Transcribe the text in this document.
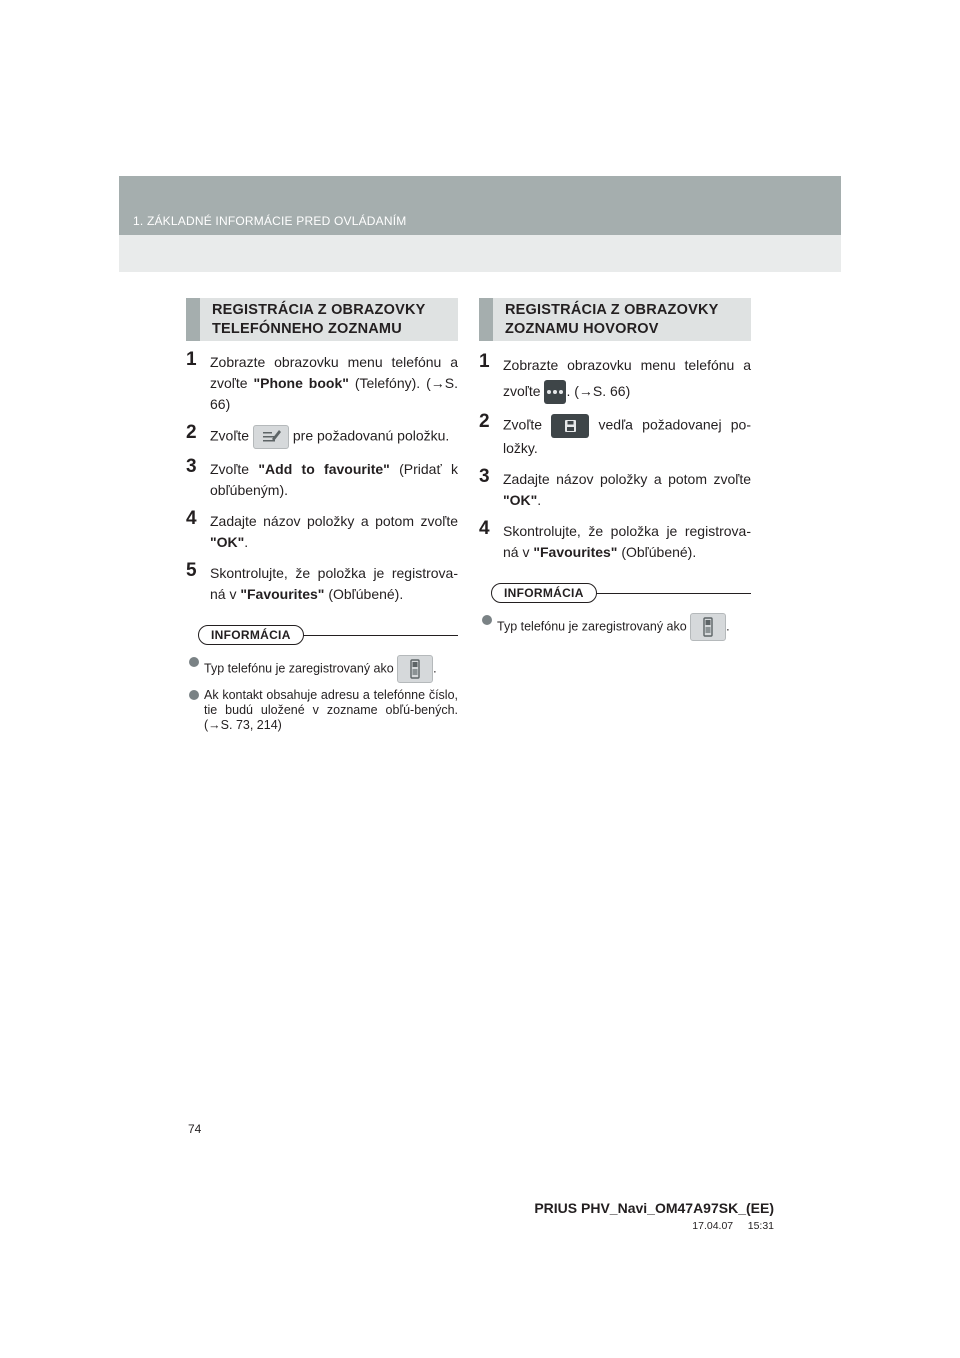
1. ZÁKLADNÉ INFORMÁCIE PRED OVLÁDANÍM
REGISTRÁCIA Z OBRAZOVKY
TELEFÓNNEHO ZOZNAMU
1 Zobrazte obrazovku menu telefónu a zvoľte "Phone book" (Telefóny). (→S. 66)
2 Zvoľte	pre požadovanú položku.
3 Zvoľte "Add to favourite" (Pridať k obľúbeným).
4 Zadajte názov položky a potom zvoľte "OK".
5 Skontrolujte, že položka je registrova-ná v "Favourites" (Obľúbené).
INFORMÁCIA
Typ telefónu je zaregistrovaný ako	.
Ak kontakt obsahuje adresu a telefónne číslo, tie budú uložené v zozname obľú-bených. (→S. 73, 214)
REGISTRÁCIA Z OBRAZOVKY
ZOZNAMU HOVOROV
1 Zobrazte obrazovku menu telefónu a zvoľte . (→S. 66)
2 Zvoľte	vedľa požadovanej po-ložky.
3 Zadajte názov položky a potom zvoľte "OK".
4 Skontrolujte, že položka je registrova-ná v "Favourites" (Obľúbené).
INFORMÁCIA
Typ telefónu je zaregistrovaný ako	.
74
PRIUS PHV_Navi_OM47A97SK_(EE)
17.04.07     15:31
